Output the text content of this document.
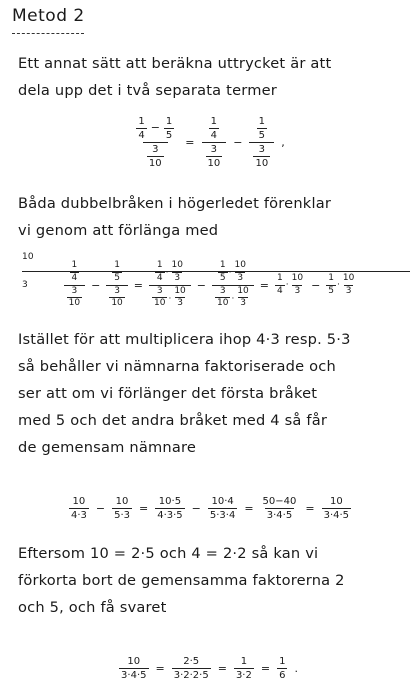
Metod 2
Ett annat sätt att beräkna uttrycket är att
dela upp det i två separata termer
$\frac{\frac{1}{4} - \frac{1}{5}}{\frac{3}{10}} = \frac{\frac{1}{4}}{\frac{3}{10}} - \frac{\frac{1}{5}}{\frac{3}{10}}$ ,
Båda dubbelbråken i högerledet förenklar
vi genom att förlänga med
10
3	$\frac{\frac{1}{4}}{\frac{3}{10}} - \frac{\frac{1}{5}}{\frac{3}{10}} = \frac{\frac{1}{4} \cdot \frac{10}{3}}{\frac{3}{10} \cdot \frac{10}{3}} - \frac{\frac{1}{5} \cdot \frac{10}{3}}{\frac{3}{10} \cdot \frac{10}{3}} = \frac{1}{4} \cdot \frac{10}{3} - \frac{1}{5} \cdot \frac{10}{3}$
Istället för att multiplicera ihop 4·3 resp. 5·3
så behåller vi nämnarna faktoriserade och
ser att om vi förlänger det första bråket
med 5 och det andra bråket med 4 så får
de gemensam nämnare
$\frac{10}{4\cdot 3} - \frac{10}{5\cdot 3} = \frac{10\cdot 5}{4\cdot 3\cdot 5} - \frac{10\cdot 4}{5\cdot 3\cdot 4} = \frac{50-40}{3\cdot 4\cdot 5} = \frac{10}{3\cdot 4\cdot 5}$
Eftersom 10 = 2·5 och 4 = 2·2 så kan vi
förkorta bort de gemensamma faktorerna 2
och 5, och få svaret
$\frac{10}{3\cdot 4\cdot 5} = \frac{2\cdot 5}{3\cdot 2\cdot 2\cdot 5} = \frac{1}{3\cdot 2} = \frac{1}{6}$ .
